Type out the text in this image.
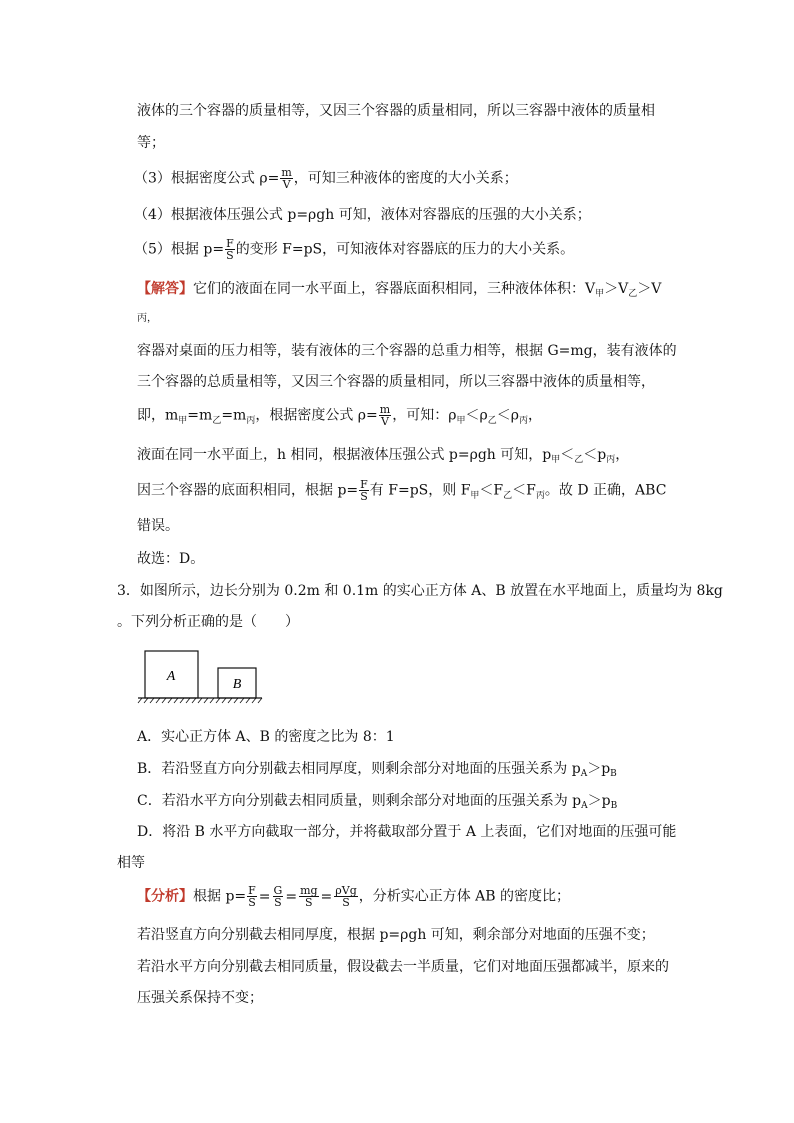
液体的三个容器的质量相等，又因三个容器的质量相同，所以三容器中液体的质量相
等；
（3）根据密度公式 $\rho= \frac{m}{V}$ ，可知三种液体的密度的大小关系；
（4）根据液体压强公式 p=ρgh 可知，液体对容器底的压强的大小关系；
（5）根据 $p= \frac{F}{S}$ 的变形 F=pS，可知液体对容器底的压力的大小关系。
【解答】它们的液面在同一水平面上，容器底面积相同，三种液体体积：$V_甲>V_乙>V$
丙，
容器对桌面的压力相等，装有液体的三个容器的总重力相等，根据 G=mg，装有液体的
三个容器的总质量相等，又因三个容器的质量相同，所以三容器中液体的质量相等，
即，$m_甲=m_乙=m_丙$，根据密度公式 $\rho= \frac{m}{V}$ ，可知：$\rho_甲<\rho_乙<\rho_丙$，
液面在同一水平面上，h 相同，根据液体压强公式 p=ρgh 可知，$p_甲<_乙<p_丙$，
因三个容器的底面积相同，根据 $p= \frac{F}{S}$ 有 F=pS，则 $F_甲<F_乙<F_丙$。故 D 正确，ABC
错误。
故选：D。
3．如图所示，边长分别为 0.2m 和 0.1m 的实心正方体 A、B 放置在水平地面上，质量均为 8kg
。下列分析正确的是（　　）
A
B
A．实心正方体 A、B 的密度之比为 8：1
B．若沿竖直方向分别截去相同厚度，则剩余部分对地面的压强关系为 $p_A>p_B$
C．若沿水平方向分别截去相同质量，则剩余部分对地面的压强关系为 $p_A>p_B$
D．将沿 B 水平方向截取一部分，并将截取部分置于 A 上表面，它们对地面的压强可能
相等
【分析】根据 $p= \frac{F}{S} = \frac{G}{S} = \frac{mg}{S} = \frac{\text{ρVg}}{S}$ ，分析实心正方体 AB 的密度比；
若沿竖直方向分别截去相同厚度，根据 p=ρgh 可知，剩余部分对地面的压强不变；
若沿水平方向分别截去相同质量，假设截去一半质量，它们对地面压强都减半，原来的
压强关系保持不变；
